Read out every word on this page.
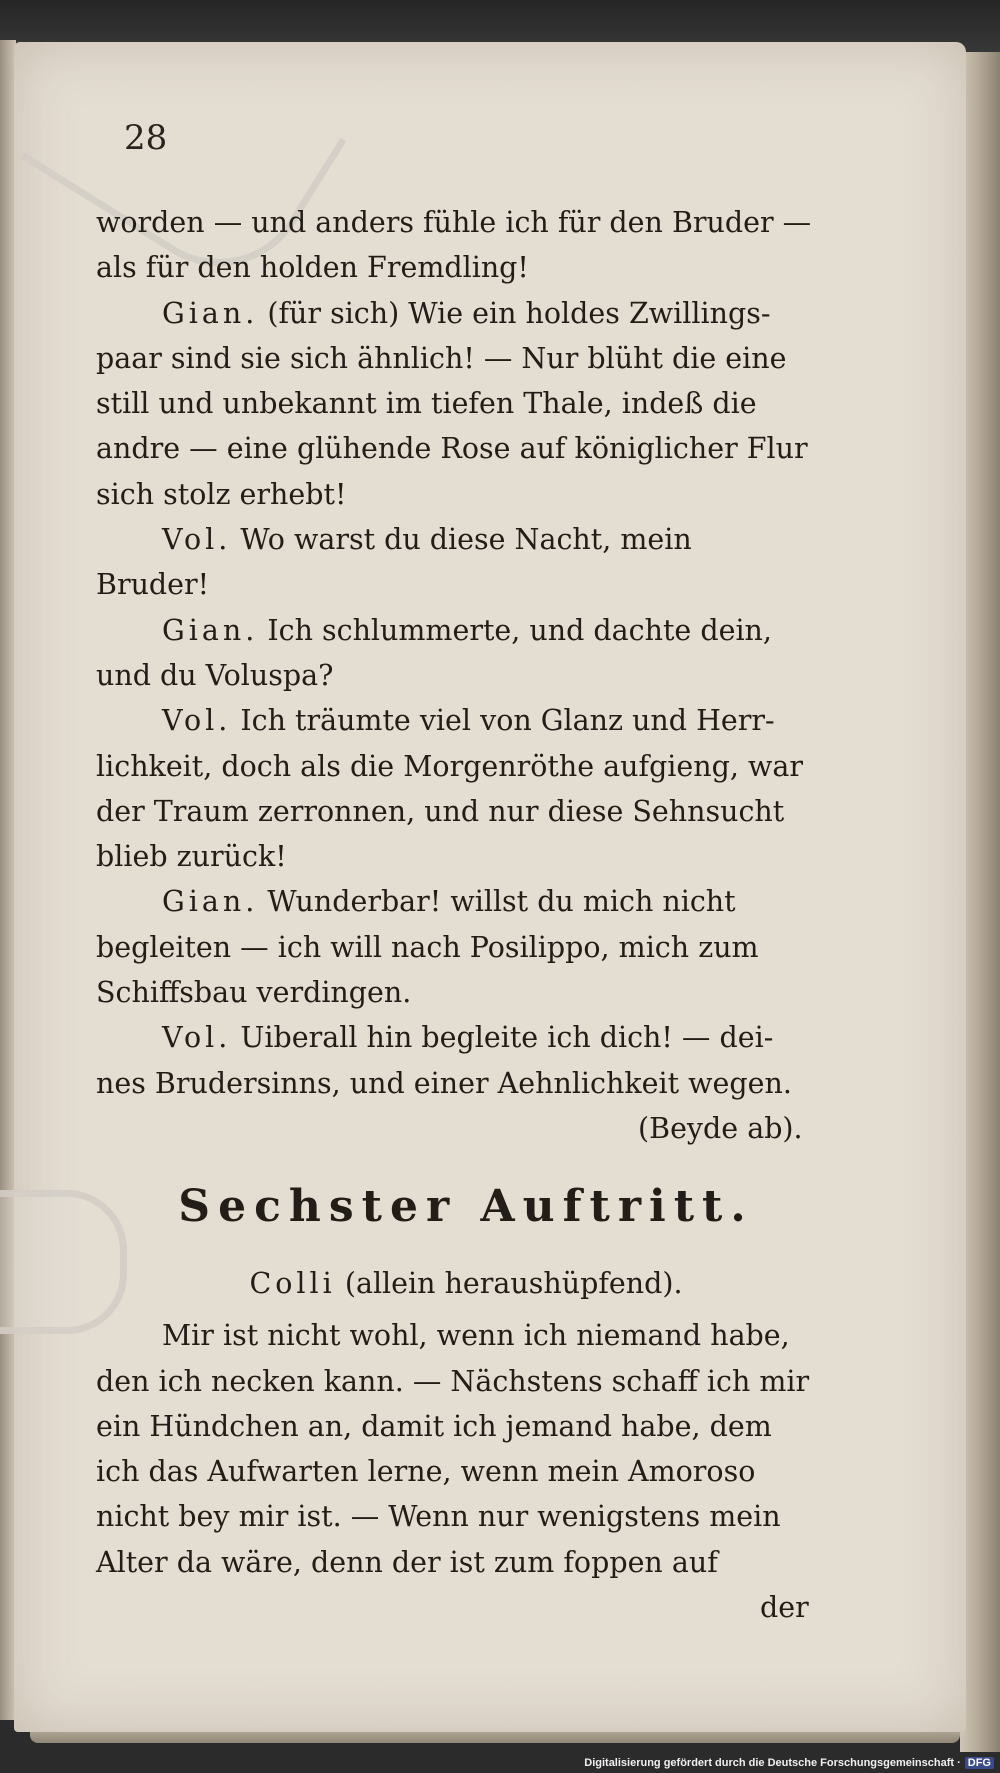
28
worden — und anders fühle ich für den Bruder —
als für den holden Fremdling!
Gian. (für sich) Wie ein holdes Zwillings-
paar sind sie sich ähnlich! — Nur blüht die eine
still und unbekannt im tiefen Thale, indeß die
andre — eine glühende Rose auf königlicher Flur
sich stolz erhebt!
Vol. Wo warst du diese Nacht, mein
Bruder!
Gian. Ich schlummerte, und dachte dein,
und du Voluspa?
Vol. Ich träumte viel von Glanz und Herr-
lichkeit, doch als die Morgenröthe aufgieng, war
der Traum zerronnen, und nur diese Sehnsucht
blieb zurück!
Gian. Wunderbar! willst du mich nicht
begleiten — ich will nach Posilippo, mich zum
Schiffsbau verdingen.
Vol. Uiberall hin begleite ich dich! — dei-
nes Brudersinns, und einer Aehnlichkeit wegen.
(Beyde ab).
Sechster Auftritt.
Colli (allein heraushüpfend).
Mir ist nicht wohl, wenn ich niemand habe,
den ich necken kann. — Nächstens schaff ich mir
ein Hündchen an, damit ich jemand habe, dem
ich das Aufwarten lerne, wenn mein Amoroso
nicht bey mir ist. — Wenn nur wenigstens mein
Alter da wäre, denn der ist zum foppen auf
der
Digitalisierung gefördert durch die Deutsche Forschungsgemeinschaft · DFG
